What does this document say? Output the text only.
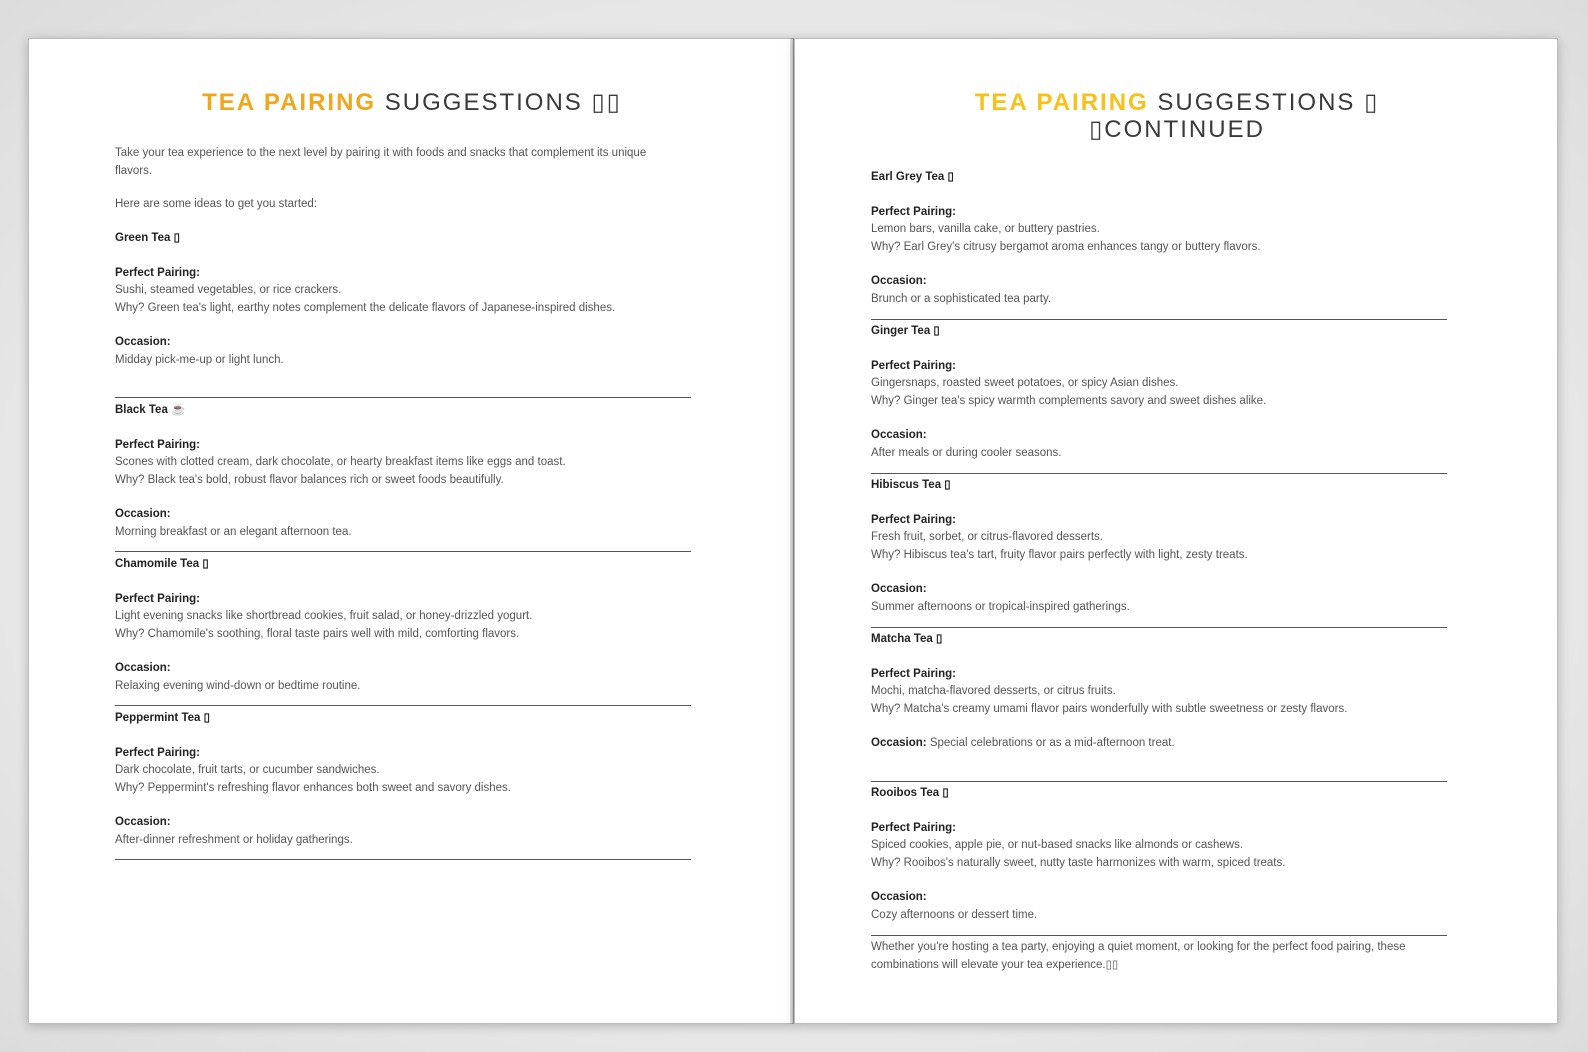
TEA PAIRING SUGGESTIONS ▯▯

Take your tea experience to the next level by pairing it with foods and snacks that complement its unique flavors.

Here are some ideas to get you started:

Green Tea ▯

Perfect Pairing:

Sushi, steamed vegetables, or rice crackers.

Why? Green tea's light, earthy notes complement the delicate flavors of Japanese-inspired dishes.

Occasion:

Midday pick-me-up or light lunch.

Black Tea ☕

Perfect Pairing:

Scones with clotted cream, dark chocolate, or hearty breakfast items like eggs and toast.

Why? Black tea's bold, robust flavor balances rich or sweet foods beautifully.

Occasion:

Morning breakfast or an elegant afternoon tea.

Chamomile Tea ▯

Perfect Pairing:

Light evening snacks like shortbread cookies, fruit salad, or honey-drizzled yogurt.

Why? Chamomile's soothing, floral taste pairs well with mild, comforting flavors.

Occasion:

Relaxing evening wind-down or bedtime routine.

Peppermint Tea ▯

Perfect Pairing:

Dark chocolate, fruit tarts, or cucumber sandwiches.

Why? Peppermint's refreshing flavor enhances both sweet and savory dishes.

Occasion:

After-dinner refreshment or holiday gatherings.

TEA PAIRING SUGGESTIONS ▯
▯CONTINUED

Earl Grey Tea ▯

Perfect Pairing:

Lemon bars, vanilla cake, or buttery pastries.

Why? Earl Grey's citrusy bergamot aroma enhances tangy or buttery flavors.

Occasion:

Brunch or a sophisticated tea party.

Ginger Tea ▯

Perfect Pairing:

Gingersnaps, roasted sweet potatoes, or spicy Asian dishes.

Why? Ginger tea's spicy warmth complements savory and sweet dishes alike.

Occasion:

After meals or during cooler seasons.

Hibiscus Tea ▯

Perfect Pairing:

Fresh fruit, sorbet, or citrus-flavored desserts.

Why? Hibiscus tea's tart, fruity flavor pairs perfectly with light, zesty treats.

Occasion:

Summer afternoons or tropical-inspired gatherings.

Matcha Tea ▯

Perfect Pairing:

Mochi, matcha-flavored desserts, or citrus fruits.

Why? Matcha's creamy umami flavor pairs wonderfully with subtle sweetness or zesty flavors.

Occasion: Special celebrations or as a mid-afternoon treat.

Rooibos Tea ▯

Perfect Pairing:

Spiced cookies, apple pie, or nut-based snacks like almonds or cashews.

Why? Rooibos's naturally sweet, nutty taste harmonizes with warm, spiced treats.

Occasion:

Cozy afternoons or dessert time.

Whether you're hosting a tea party, enjoying a quiet moment, or looking for the perfect food pairing, these combinations will elevate your tea experience.▯▯
